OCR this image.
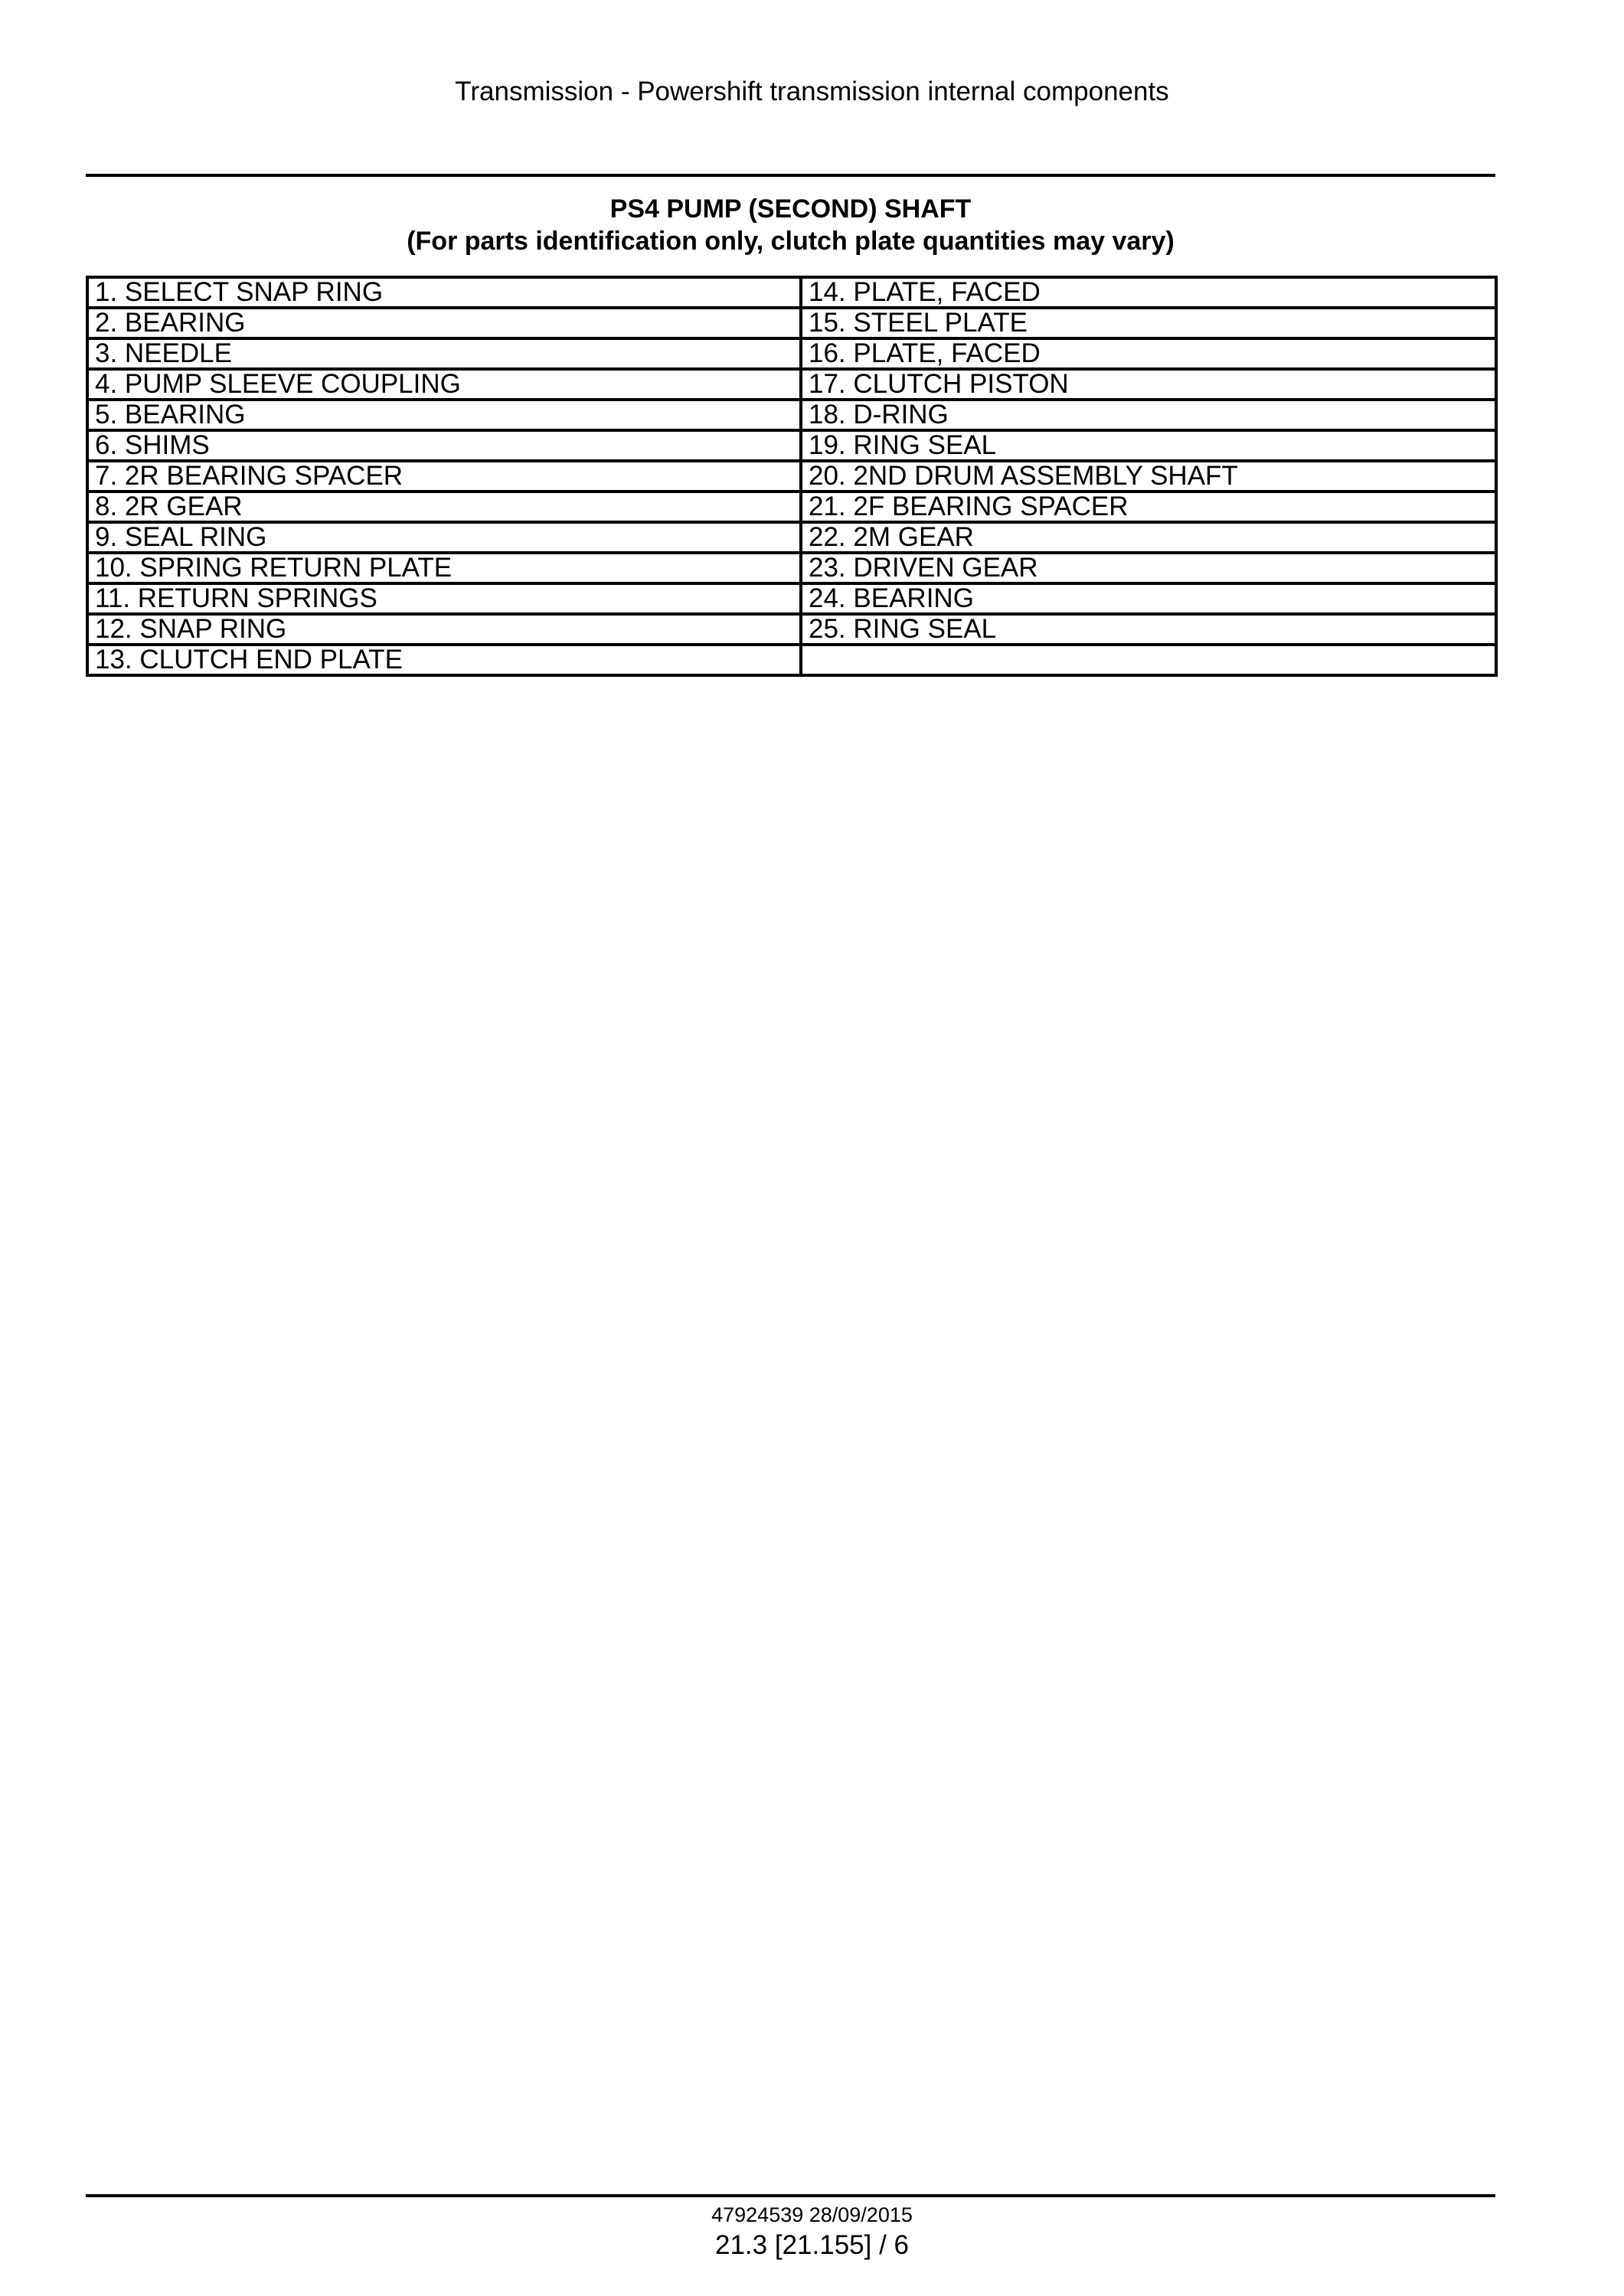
Transmission - Powershift transmission internal components
PS4 PUMP (SECOND) SHAFT
(For parts identification only, clutch plate quantities may vary)
1. SELECT SNAP RING	14. PLATE, FACED
2. BEARING	15. STEEL PLATE
3. NEEDLE	16. PLATE, FACED
4. PUMP SLEEVE COUPLING	17. CLUTCH PISTON
5. BEARING	18. D-RING
6. SHIMS	19. RING SEAL
7. 2R BEARING SPACER	20. 2ND DRUM ASSEMBLY SHAFT
8. 2R GEAR	21. 2F BEARING SPACER
9. SEAL RING	22. 2M GEAR
10. SPRING RETURN PLATE	23. DRIVEN GEAR
11. RETURN SPRINGS	24. BEARING
12. SNAP RING	25. RING SEAL
13. CLUTCH END PLATE	
47924539 28/09/2015
21.3 [21.155] / 6
